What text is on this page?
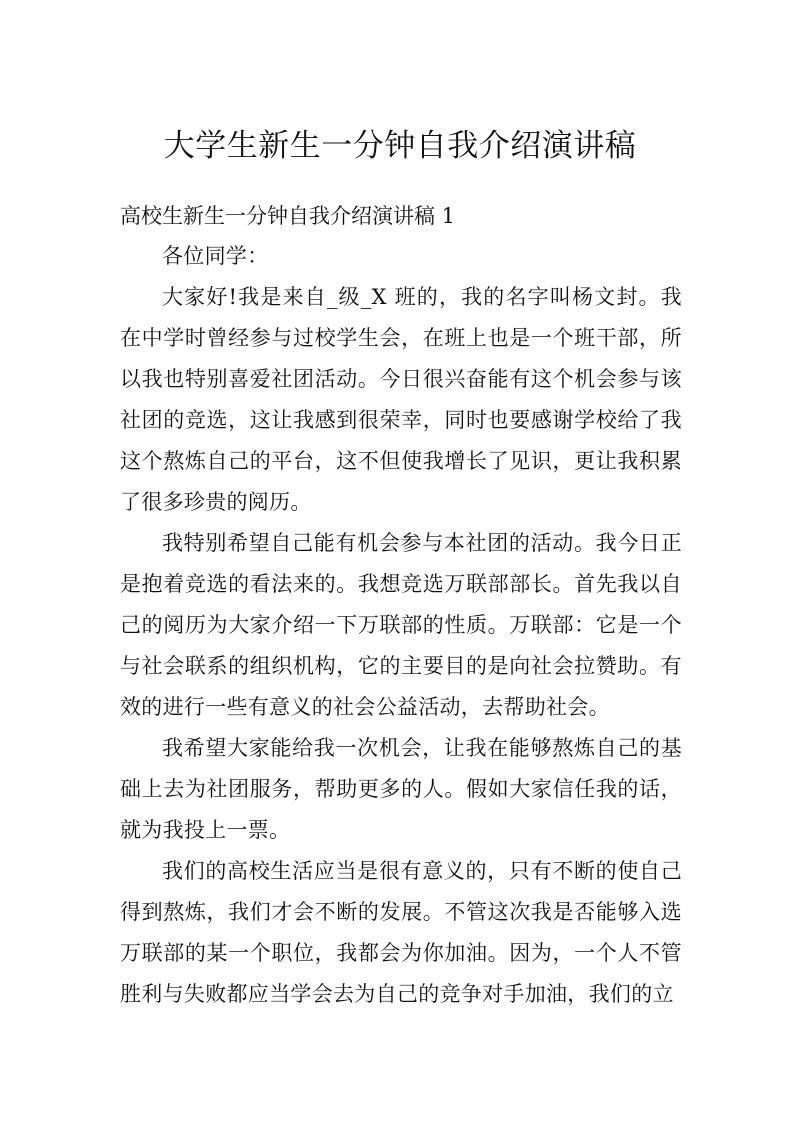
大学生新生一分钟自我介绍演讲稿
高校生新生一分钟自我介绍演讲稿 1

各位同学：

大家好!我是来自_级_X 班的，我的名字叫杨文封。我在中学时曾经参与过校学生会，在班上也是一个班干部，所以我也特别喜爱社团活动。今日很兴奋能有这个机会参与该社团的竞选，这让我感到很荣幸，同时也要感谢学校给了我这个熬炼自己的平台，这不但使我增长了见识，更让我积累了很多珍贵的阅历。

我特别希望自己能有机会参与本社团的活动。我今日正是抱着竞选的看法来的。我想竞选万联部部长。首先我以自己的阅历为大家介绍一下万联部的性质。万联部：它是一个与社会联系的组织机构，它的主要目的是向社会拉赞助。有效的进行一些有意义的社会公益活动，去帮助社会。

我希望大家能给我一次机会，让我在能够熬炼自己的基础上去为社团服务，帮助更多的人。假如大家信任我的话，就为我投上一票。

我们的高校生活应当是很有意义的，只有不断的使自己得到熬炼，我们才会不断的发展。不管这次我是否能够入选万联部的某一个职位，我都会为你加油。因为，一个人不管胜利与失败都应当学会去为自己的竞争对手加油，我们的立
